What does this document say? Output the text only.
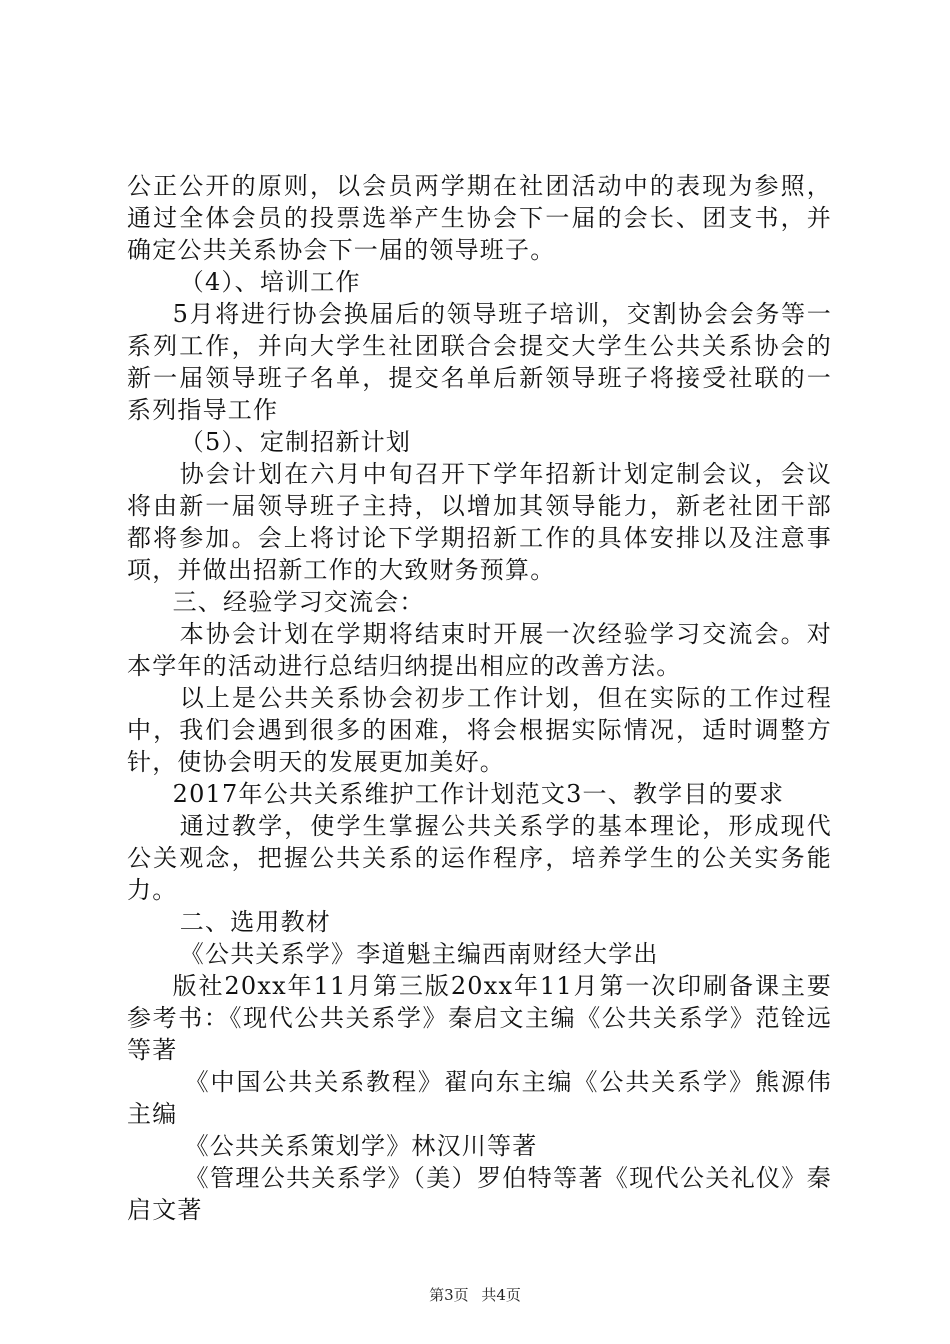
公正公开的原则，以会员两学期在社团活动中的表现为参照，通过全体会员的投票选举产生协会下一届的会长、团支书，并确定公共关系协会下一届的领导班子。

（4）、培训工作

5月将进行协会换届后的领导班子培训，交割协会会务等一系列工作，并向大学生社团联合会提交大学生公共关系协会的新一届领导班子名单，提交名单后新领导班子将接受社联的一系列指导工作

（5）、定制招新计划

协会计划在六月中旬召开下学年招新计划定制会议，会议将由新一届领导班子主持，以增加其领导能力，新老社团干部都将参加。会上将讨论下学期招新工作的具体安排以及注意事项，并做出招新工作的大致财务预算。

三、经验学习交流会：

本协会计划在学期将结束时开展一次经验学习交流会。对本学年的活动进行总结归纳提出相应的改善方法。

以上是公共关系协会初步工作计划，但在实际的工作过程中，我们会遇到很多的困难，将会根据实际情况，适时调整方针，使协会明天的发展更加美好。

2017年公共关系维护工作计划范文3一、教学目的要求

通过教学，使学生掌握公共关系学的基本理论，形成现代公关观念，把握公共关系的运作程序，培养学生的公关实务能力。

二、选用教材

《公共关系学》李道魁主编西南财经大学出

版社20xx年11月第三版20xx年11月第一次印刷备课主要参考书：《现代公共关系学》秦启文主编《公共关系学》范铨远等著

《中国公共关系教程》翟向东主编《公共关系学》熊源伟主编

《公共关系策划学》林汉川等著

《管理公共关系学》（美）罗伯特等著《现代公关礼仪》秦启文著

第3页 共4页
